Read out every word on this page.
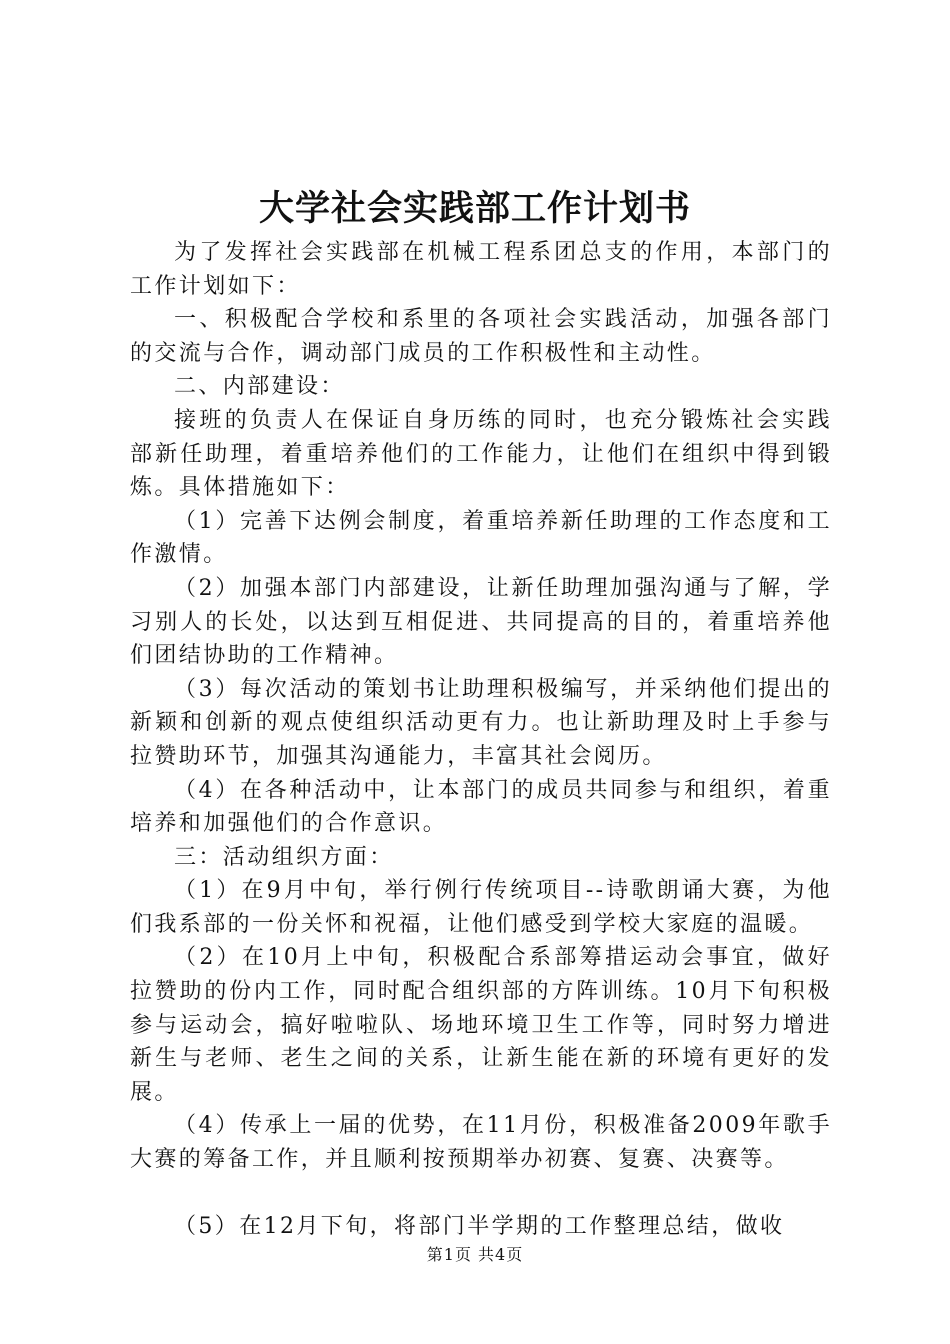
大学社会实践部工作计划书

为了发挥社会实践部在机械工程系团总支的作用，本部门的工作计划如下：

一、积极配合学校和系里的各项社会实践活动，加强各部门的交流与合作，调动部门成员的工作积极性和主动性。

二、内部建设：

接班的负责人在保证自身历练的同时，也充分锻炼社会实践部新任助理，着重培养他们的工作能力，让他们在组织中得到锻炼。具体措施如下：

（1）完善下达例会制度，着重培养新任助理的工作态度和工作激情。

（2）加强本部门内部建设，让新任助理加强沟通与了解，学习别人的长处，以达到互相促进、共同提高的目的，着重培养他们团结协助的工作精神。

（3）每次活动的策划书让助理积极编写，并采纳他们提出的新颖和创新的观点使组织活动更有力。也让新助理及时上手参与拉赞助环节，加强其沟通能力，丰富其社会阅历。

（4）在各种活动中，让本部门的成员共同参与和组织，着重培养和加强他们的合作意识。

三：活动组织方面：

（1）在9月中旬，举行例行传统项目--诗歌朗诵大赛，为他们我系部的一份关怀和祝福，让他们感受到学校大家庭的温暖。

（2）在10月上中旬，积极配合系部筹措运动会事宜，做好拉赞助的份内工作，同时配合组织部的方阵训练。10月下旬积极参与运动会，搞好啦啦队、场地环境卫生工作等，同时努力增进新生与老师、老生之间的关系，让新生能在新的环境有更好的发展。

（4）传承上一届的优势，在11月份，积极准备2009年歌手大赛的筹备工作，并且顺利按预期举办初赛、复赛、决赛等。

（5）在12月下旬，将部门半学期的工作整理总结，做收

第1页 共4页
